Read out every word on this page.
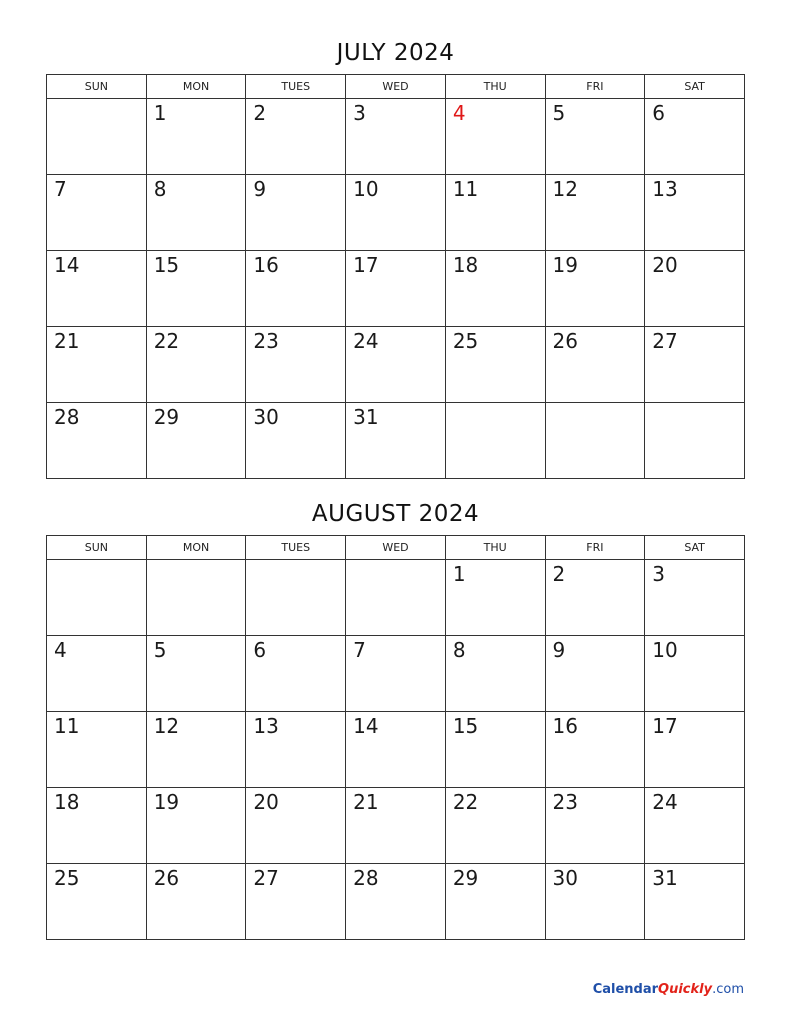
JULY 2024
SUN	MON	TUES	WED	THU	FRI	SAT

	1	2	3	4	5	6

7	8	9	10	11	12	13

14	15	16	17	18	19	20

21	22	23	24	25	26	27

28	29	30	31			

AUGUST 2024
SUN	MON	TUES	WED	THU	FRI	SAT

				1	2	3

4	5	6	7	8	9	10

11	12	13	14	15	16	17

18	19	20	21	22	23	24

25	26	27	28	29	30	31
CalendarQuickly.com
